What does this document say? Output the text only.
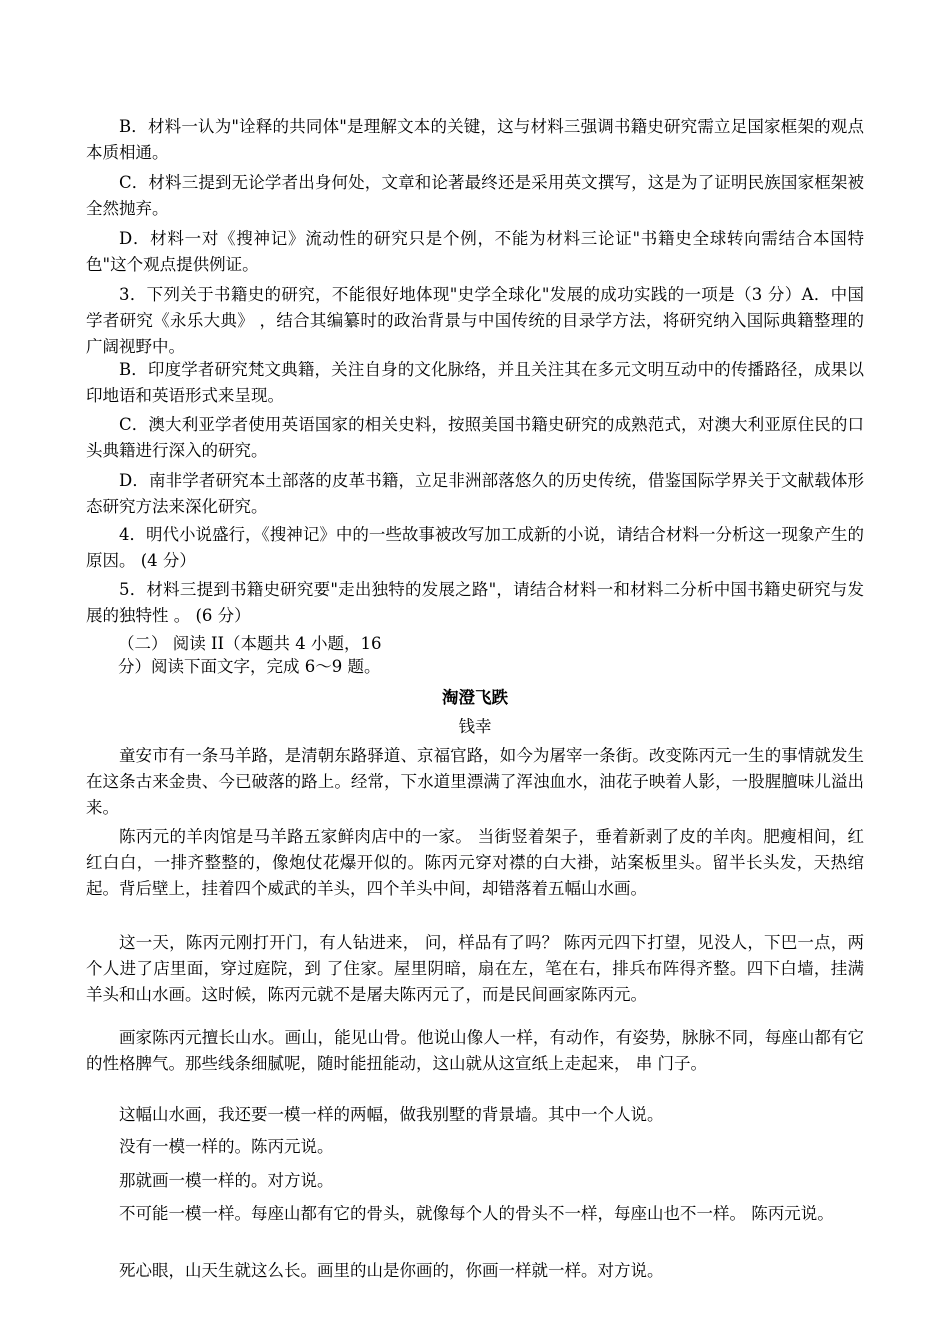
B．材料一认为"诠释的共同体"是理解文本的关键，这与材料三强调书籍史研究需立足国家框架的观点本质相通。

C．材料三提到无论学者出身何处，文章和论著最终还是采用英文撰写，这是为了证明民族国家框架被全然抛弃。

D．材料一对《搜神记》流动性的研究只是个例，不能为材料三论证"书籍史全球转向需结合本国特色"这个观点提供例证。

3．下列关于书籍史的研究，不能很好地体现"史学全球化"发展的成功实践的一项是（3 分）A．中国学者研究《永乐大典》 ，结合其编纂时的政治背景与中国传统的目录学方法，将研究纳入国际典籍整理的广阔视野中。

B．印度学者研究梵文典籍，关注自身的文化脉络，并且关注其在多元文明互动中的传播路径，成果以印地语和英语形式来呈现。

C．澳大利亚学者使用英语国家的相关史料，按照美国书籍史研究的成熟范式，对澳大利亚原住民的口头典籍进行深入的研究。

D．南非学者研究本土部落的皮革书籍，立足非洲部落悠久的历史传统，借鉴国际学界关于文献载体形态研究方法来深化研究。

4．明代小说盛行，《搜神记》中的一些故事被改写加工成新的小说，请结合材料一分析这一现象产生的原因。 (4 分）

5．材料三提到书籍史研究要"走出独特的发展之路"，请结合材料一和材料二分析中国书籍史研究与发展的独特性 。 (6 分）

（二） 阅读 II（本题共 4 小题，16

分）阅读下面文字，完成 6～9 题。

淘澄飞跌

钱幸

童安市有一条马羊路，是清朝东路驿道、京福官路，如今为屠宰一条街。改变陈丙元一生的事情就发生在这条古来金贵、今已破落的路上。经常，下水道里漂满了浑浊血水，油花子映着人影，一股腥膻味儿溢出来。

陈丙元的羊肉馆是马羊路五家鲜肉店中的一家。 当街竖着架子，垂着新剥了皮的羊肉。肥瘦相间，红红白白，一排齐整整的，像炮仗花爆开似的。陈丙元穿对襟的白大褂，站案板里头。留半长头发，天热绾起。背后壁上，挂着四个威武的羊头，四个羊头中间，却错落着五幅山水画。

这一天，陈丙元刚打开门，有人钻进来， 问，样品有了吗？ 陈丙元四下打望，见没人，下巴一点，两个人进了店里面，穿过庭院，到 了住家。屋里阴暗，扇在左，笔在右，排兵布阵得齐整。四下白墙，挂满羊头和山水画。这时候，陈丙元就不是屠夫陈丙元了，而是民间画家陈丙元。

画家陈丙元擅长山水。画山，能见山骨。他说山像人一样，有动作，有姿势，脉脉不同，每座山都有它的性格脾气。那些线条细腻呢，随时能扭能动，这山就从这宣纸上走起来， 串 门子。

这幅山水画，我还要一模一样的两幅，做我别墅的背景墙。其中一个人说。

没有一模一样的。陈丙元说。

那就画一模一样的。对方说。

不可能一模一样。每座山都有它的骨头，就像每个人的骨头不一样，每座山也不一样。 陈丙元说。

死心眼，山天生就这么长。画里的山是你画的，你画一样就一样。对方说。
